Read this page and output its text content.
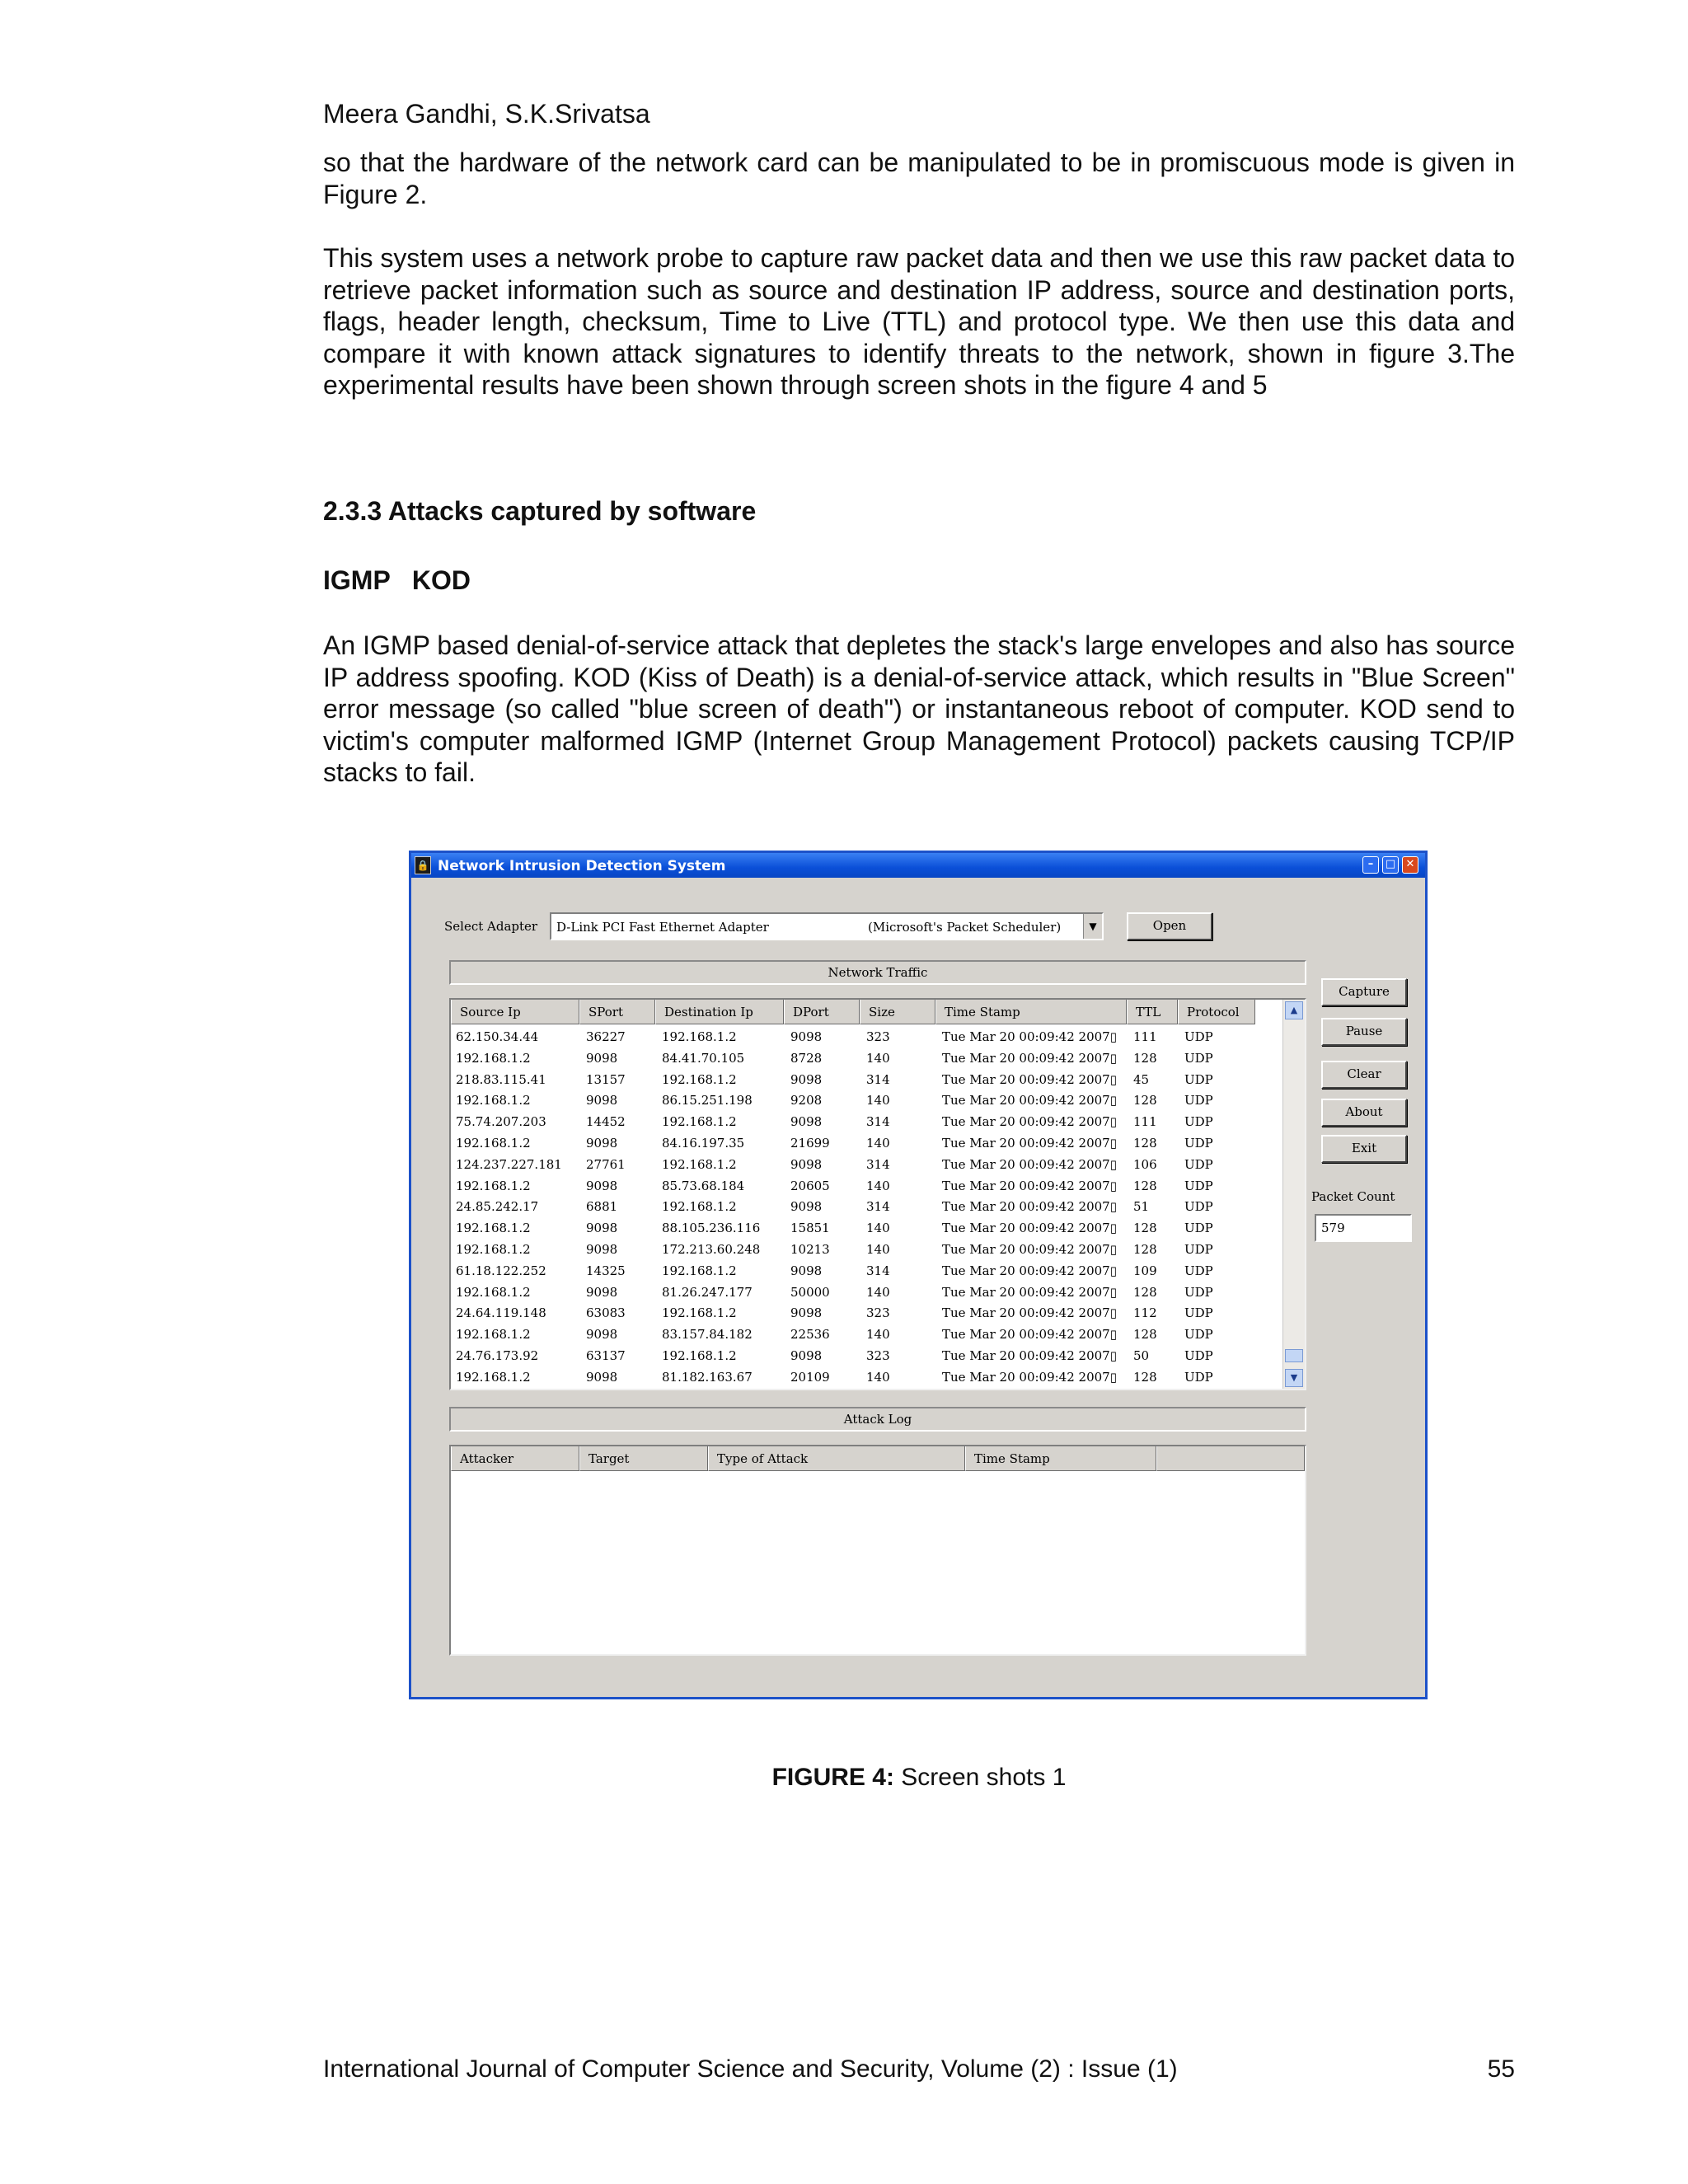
Meera Gandhi, S.K.Srivatsa

so that the hardware of the network card can be manipulated to be in promiscuous mode is given in Figure 2.

This system uses a network probe to capture raw packet data and then we use this raw packet data to retrieve packet information such as source and destination IP address, source and destination ports, flags, header length, checksum, Time to Live (TTL) and protocol type. We then use this data and compare it with known attack signatures to identify threats to the network, shown in figure 3.The experimental results have been shown through screen shots in the figure 4 and 5

2.3.3 Attacks captured by software
IGMP   KOD

An IGMP based denial-of-service attack that depletes the stack's large envelopes and also has source IP address spoofing. KOD (Kiss of Death) is a denial-of-service attack, which results in "Blue Screen" error message (so called "blue screen of death") or instantaneous reboot of computer. KOD send to victim's computer malformed IGMP (Internet Group Management Protocol) packets causing TCP/IP stacks to fail.

🔒 Network Intrusion Detection System	–	□ ✕
Select Adapter D-Link PCI Fast Ethernet Adapter	(Microsoft's Packet Scheduler)	▼	Open
Network Traffic
Source Ip	SPort	Destination Ip	DPort	Size	Time Stamp	TTL	Protocol
62.150.34.44	36227	192.168.1.2	9098	323	Tue Mar 20 00:09:42 2007▯ 111 UDP
192.168.1.2	9098	84.41.70.105	8728	140	Tue Mar 20 00:09:42 2007▯ 128 UDP
218.83.115.41	13157	192.168.1.2	9098	314	Tue Mar 20 00:09:42 2007▯ 45	UDP
192.168.1.2	9098	86.15.251.198	9208	140	Tue Mar 20 00:09:42 2007▯ 128 UDP
75.74.207.203	14452	192.168.1.2	9098	314	Tue Mar 20 00:09:42 2007▯ 111 UDP
192.168.1.2	9098	84.16.197.35	21699	140	Tue Mar 20 00:09:42 2007▯ 128 UDP
124.237.227.181 27761	192.168.1.2	9098	314	Tue Mar 20 00:09:42 2007▯ 106 UDP
192.168.1.2	9098	85.73.68.184	20605	140	Tue Mar 20 00:09:42 2007▯ 128 UDP
24.85.242.17	6881	192.168.1.2	9098	314	Tue Mar 20 00:09:42 2007▯ 51	UDP
192.168.1.2	9098	88.105.236.116 15851	140	Tue Mar 20 00:09:42 2007▯ 128 UDP
192.168.1.2	9098	172.213.60.248 10213	140	Tue Mar 20 00:09:42 2007▯ 128 UDP
61.18.122.252	14325	192.168.1.2	9098	314	Tue Mar 20 00:09:42 2007▯ 109 UDP
192.168.1.2	9098	81.26.247.177	50000	140	Tue Mar 20 00:09:42 2007▯ 128 UDP
24.64.119.148	63083	192.168.1.2	9098	323	Tue Mar 20 00:09:42 2007▯ 112 UDP
192.168.1.2	9098	83.157.84.182	22536	140	Tue Mar 20 00:09:42 2007▯ 128 UDP
24.76.173.92	63137	192.168.1.2	9098	323	Tue Mar 20 00:09:42 2007▯ 50	UDP
192.168.1.2	9098	81.182.163.67	20109	140	Tue Mar 20 00:09:42 2007▯ 128 UDP
▲
▼
Attack Log
Attacker	Target	Type of Attack	Time Stamp
Capture
Pause
Clear
About
Exit
Packet Count
579
FIGURE 4: Screen shots 1
International Journal of Computer Science and Security, Volume (2) : Issue (1)	55
